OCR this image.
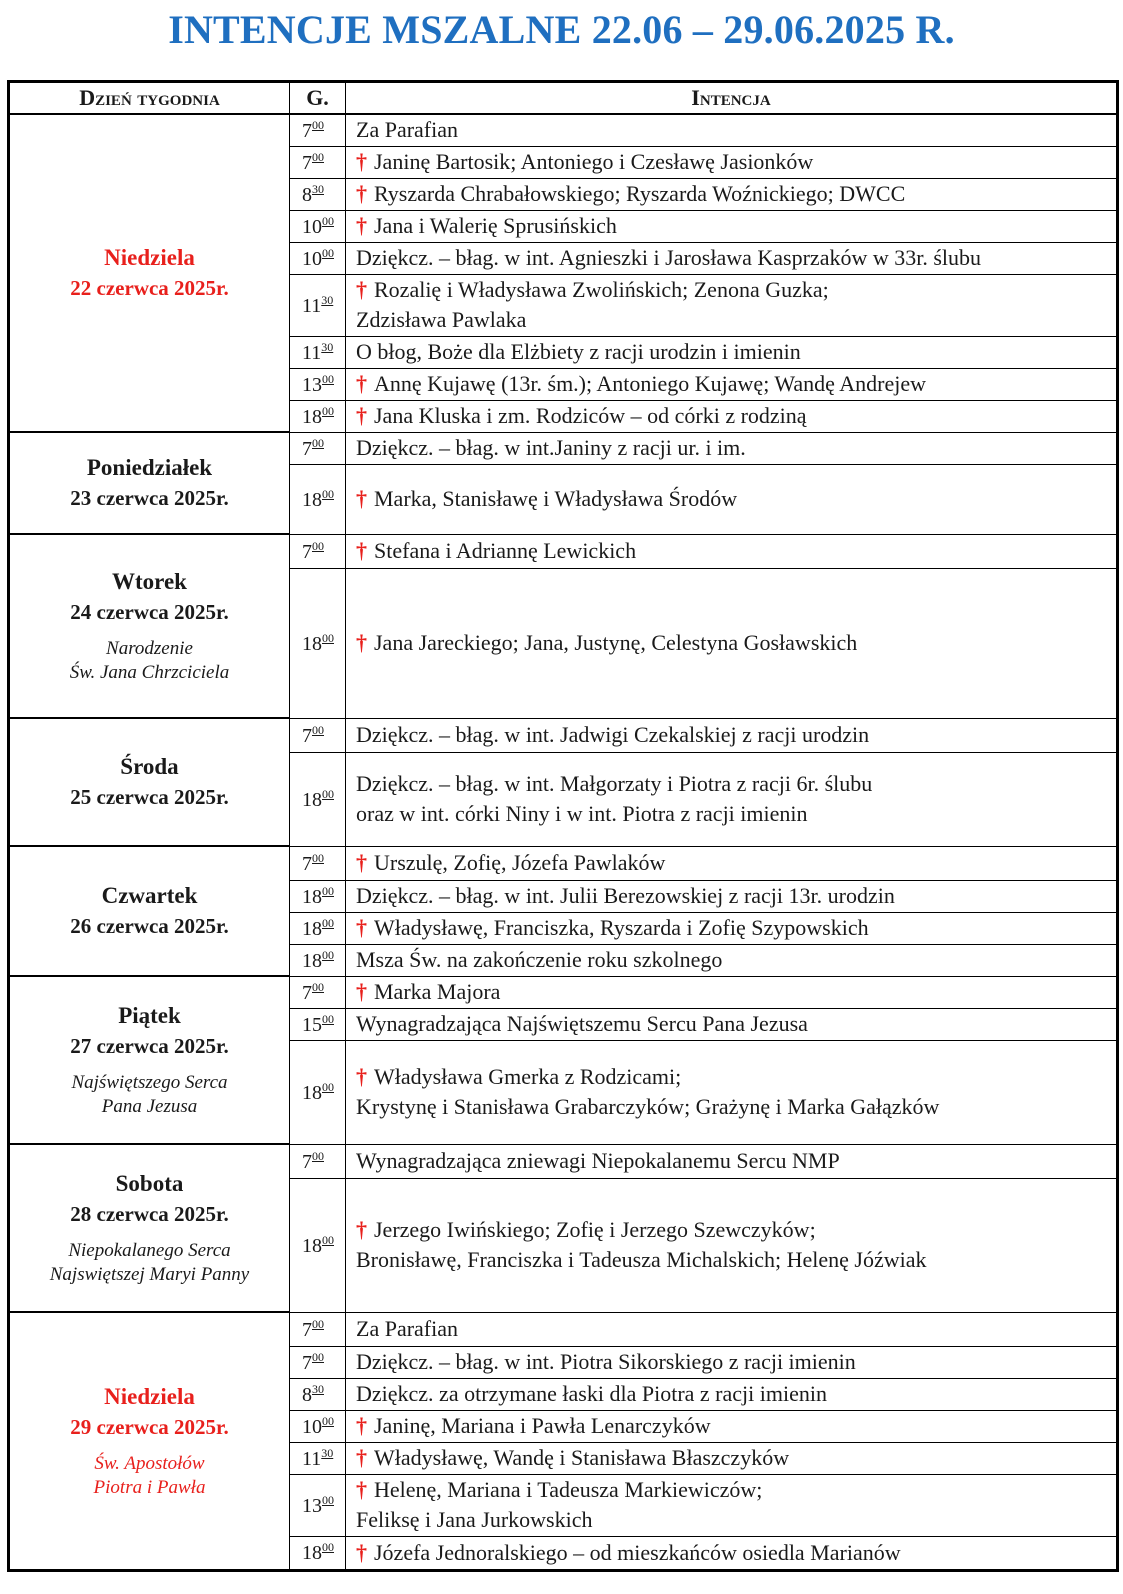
INTENCJE MSZALNE 22.06 – 29.06.2025 R.
Dzień tygodnia	G.	Intencja

Niedziela
22 czerwca 2025r.	$7^{00}$	Za Parafian

	$7^{00}$	† Janinę Bartosik; Antoniego i Czesławę Jasionków

	$8^{30}$	† Ryszarda Chrabałowskiego; Ryszarda Woźnickiego; DWCC

	$10^{00}$	† Jana i Walerię Sprusińskich

	$10^{00}$	Dziękcz. – błag. w int. Agnieszki i Jarosława Kasprzaków w 33r. ślubu

	$11^{30}$	† Rozalię i Władysława Zwolińskich; Zenona Guzka;
Zdzisława Pawlaka

	$11^{30}$	O błog, Boże dla Elżbiety z racji urodzin i imienin

	$13^{00}$	† Annę Kujawę (13r. śm.); Antoniego Kujawę; Wandę Andrejew

	$18^{00}$	† Jana Kluska i zm. Rodziców – od córki z rodziną

Poniedziałek
23 czerwca 2025r.	$7^{00}$	Dziękcz. – błag. w int.Janiny z racji ur. i im.

	$18^{00}$	† Marka, Stanisławę i Władysława Środów

Wtorek
24 czerwca 2025r.
Narodzenie
Św. Jana Chrzciciela	$7^{00}$	† Stefana i Adriannę Lewickich

	$18^{00}$	† Jana Jareckiego; Jana, Justynę, Celestyna Gosławskich

Środa
25 czerwca 2025r.	$7^{00}$	Dziękcz. – błag. w int. Jadwigi Czekalskiej z racji urodzin

	$18^{00}$	Dziękcz. – błag. w int. Małgorzaty i Piotra z racji 6r. ślubu
oraz w int. córki Niny i w int. Piotra z racji imienin

Czwartek
26 czerwca 2025r.	$7^{00}$	† Urszulę, Zofię, Józefa Pawlaków

	$18^{00}$	Dziękcz. – błag. w int. Julii Berezowskiej z racji 13r. urodzin

	$18^{00}$	† Władysławę, Franciszka, Ryszarda i Zofię Szypowskich

	$18^{00}$	Msza Św. na zakończenie roku szkolnego

Piątek
27 czerwca 2025r.
Najświętszego Serca
Pana Jezusa	$7^{00}$	† Marka Majora

	$15^{00}$	Wynagradzająca Najświętszemu Sercu Pana Jezusa

	$18^{00}$	† Władysława Gmerka z Rodzicami;
Krystynę i Stanisława Grabarczyków; Grażynę i Marka Gałązków

Sobota
28 czerwca 2025r.
Niepokalanego Serca
Najswiętszej Maryi Panny	$7^{00}$	Wynagradzająca zniewagi Niepokalanemu Sercu NMP

	$18^{00}$	† Jerzego Iwińskiego; Zofię i Jerzego Szewczyków;
Bronisławę, Franciszka i Tadeusza Michalskich; Helenę Jóźwiak

Niedziela
29 czerwca 2025r.
Św. Apostołów
Piotra i Pawła	$7^{00}$	Za Parafian

	$7^{00}$	Dziękcz. – błag. w int. Piotra Sikorskiego z racji imienin

	$8^{30}$	Dziękcz. za otrzymane łaski dla Piotra z racji imienin

	$10^{00}$	† Janinę, Mariana i Pawła Lenarczyków

	$11^{30}$	† Władysławę, Wandę i Stanisława Błaszczyków

	$13^{00}$	† Helenę, Mariana i Tadeusza Markiewiczów;
Feliksę i Jana Jurkowskich

	$18^{00}$	† Józefa Jednoralskiego – od mieszkańców osiedla Marianów
